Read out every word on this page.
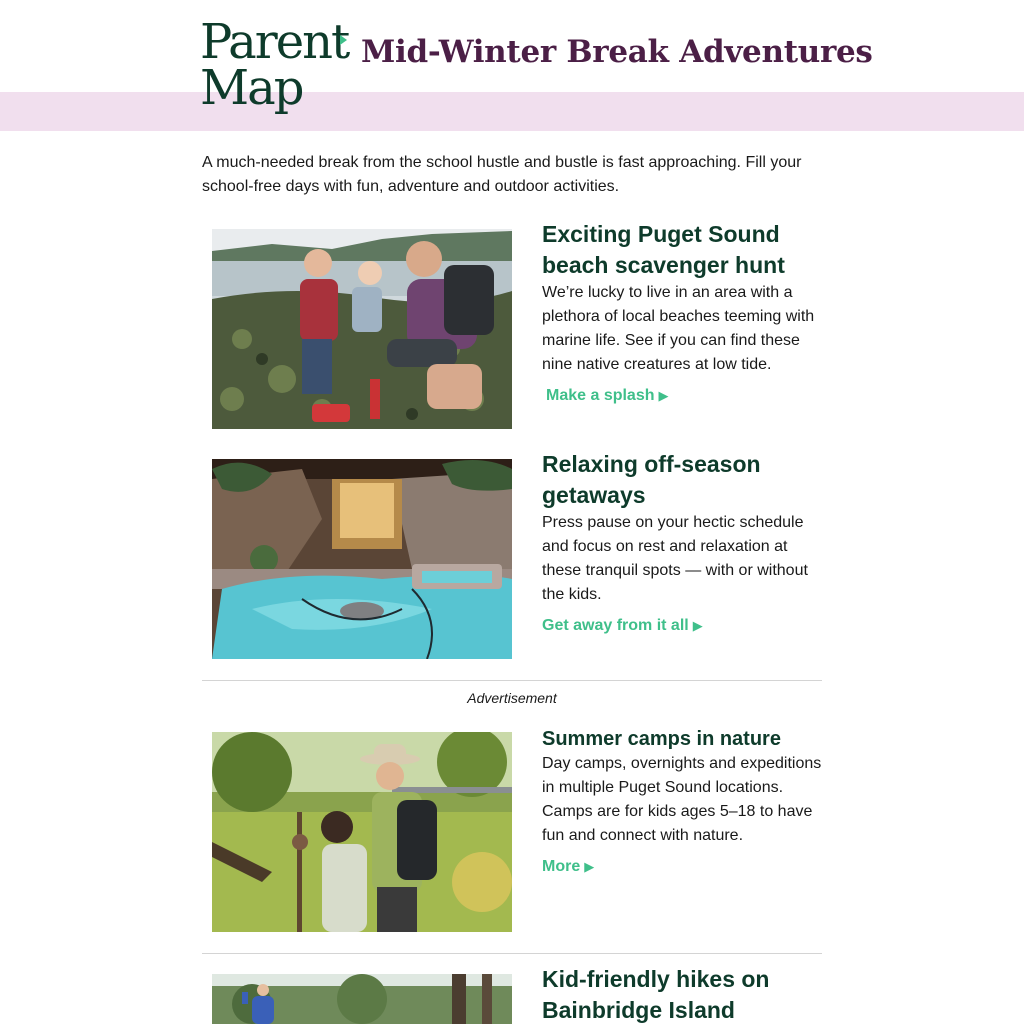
Parent
Map
Mid-Winter Break Adventures

A much-needed break from the school hustle and bustle is fast approaching. Fill your school-free days with fun, adventure and outdoor activities.

Exciting Puget Sound beach scavenger hunt

We’re lucky to live in an area with a plethora of local beaches teeming with marine life. See if you can find these nine native creatures at low tide.

Make a splash ▶
Relaxing off-season getaways

Press pause on your hectic schedule and focus on rest and relaxation at these tranquil spots — with or without the kids.

Get away from it all ▶
Advertisement
Summer camps in nature

Day camps, overnights and expeditions in multiple Puget Sound locations. Camps are for kids ages 5–18 to have fun and connect with nature.

More ▶
Kid-friendly hikes on Bainbridge Island
